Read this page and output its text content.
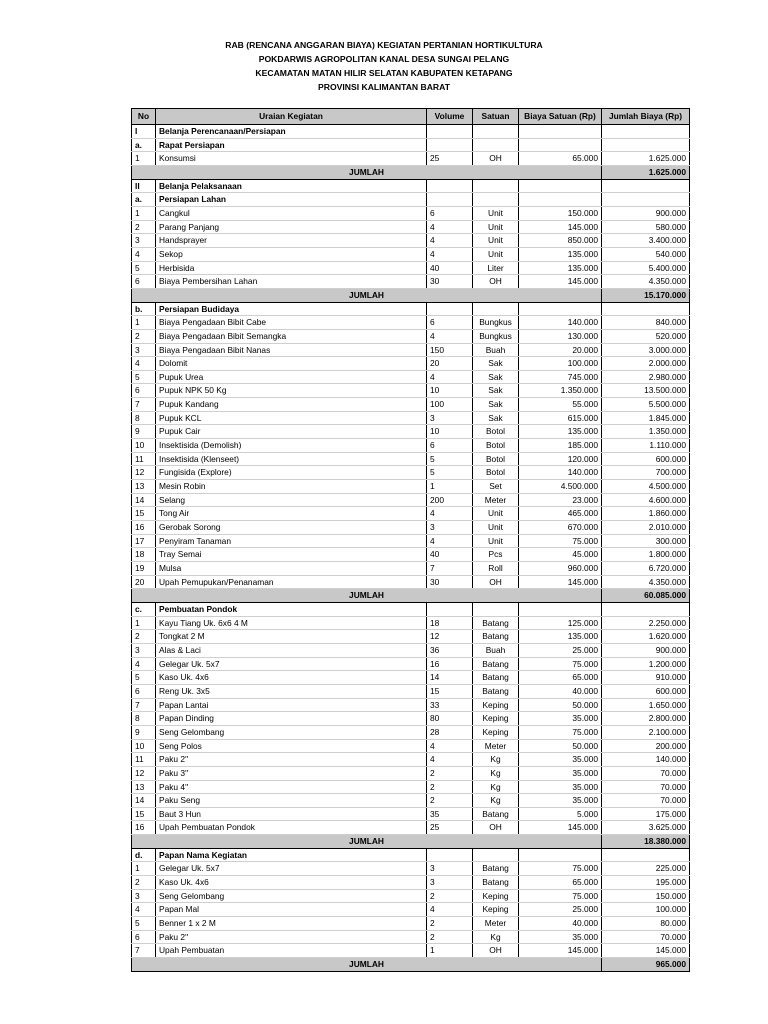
RAB (RENCANA ANGGARAN BIAYA) KEGIATAN PERTANIAN HORTIKULTURA
POKDARWIS AGROPOLITAN KANAL DESA SUNGAI PELANG
KECAMATAN MATAN HILIR SELATAN KABUPATEN KETAPANG
PROVINSI KALIMANTAN BARAT
No	Uraian Kegiatan	Volume	Satuan	Biaya Satuan (Rp)	Jumlah Biaya (Rp)
I	Belanja Perencanaan/Persiapan				
a.	Rapat Persiapan				
1	Konsumsi	25	OH	65.000	1.625.000
JUMLAH					1.625.000
II	Belanja Pelaksanaan				
a.	Persiapan Lahan				
1	Cangkul	6	Unit	150.000	900.000
2	Parang Panjang	4	Unit	145.000	580.000
3	Handsprayer	4	Unit	850.000	3.400.000
4	Sekop	4	Unit	135.000	540.000
5	Herbisida	40	Liter	135.000	5.400.000
6	Biaya Pembersihan Lahan	30	OH	145.000	4.350.000
JUMLAH					15.170.000
b.	Persiapan Budidaya				
1	Biaya Pengadaan Bibit Cabe	6	Bungkus	140.000	840.000
2	Biaya Pengadaan Bibit Semangka	4	Bungkus	130.000	520.000
3	Biaya Pengadaan Bibit Nanas	150	Buah	20.000	3.000.000
4	Dolomit	20	Sak	100.000	2.000.000
5	Pupuk Urea	4	Sak	745.000	2.980.000
6	Pupuk NPK 50 Kg	10	Sak	1.350.000	13.500.000
7	Pupuk Kandang	100	Sak	55.000	5.500.000
8	Pupuk KCL	3	Sak	615.000	1.845.000
9	Pupuk Cair	10	Botol	135.000	1.350.000
10	Insektisida (Demolish)	6	Botol	185.000	1.110.000
11	Insektisida (Klenseet)	5	Botol	120.000	600.000
12	Fungisida (Explore)	5	Botol	140.000	700.000
13	Mesin Robin	1	Set	4.500.000	4.500.000
14	Selang	200	Meter	23.000	4.600.000
15	Tong Air	4	Unit	465.000	1.860.000
16	Gerobak Sorong	3	Unit	670.000	2.010.000
17	Penyiram Tanaman	4	Unit	75.000	300.000
18	Tray Semai	40	Pcs	45.000	1.800.000
19	Mulsa	7	Roll	960.000	6.720.000
20	Upah Pemupukan/Penanaman	30	OH	145.000	4.350.000
JUMLAH					60.085.000
c.	Pembuatan Pondok				
1	Kayu Tiang Uk. 6x6 4 M	18	Batang	125.000	2.250.000
2	Tongkat 2 M	12	Batang	135.000	1.620.000
3	Alas & Laci	36	Buah	25.000	900.000
4	Gelegar Uk. 5x7	16	Batang	75.000	1.200.000
5	Kaso Uk. 4x6	14	Batang	65.000	910.000
6	Reng Uk. 3x5	15	Batang	40.000	600.000
7	Papan Lantai	33	Keping	50.000	1.650.000
8	Papan Dinding	80	Keping	35.000	2.800.000
9	Seng Gelombang	28	Keping	75.000	2.100.000
10	Seng Polos	4	Meter	50.000	200.000
11	Paku 2"	4	Kg	35.000	140.000
12	Paku 3"	2	Kg	35.000	70.000
13	Paku 4"	2	Kg	35.000	70.000
14	Paku Seng	2	Kg	35.000	70.000
15	Baut 3 Hun	35	Batang	5.000	175.000
16	Upah Pembuatan Pondok	25	OH	145.000	3.625.000
JUMLAH					18.380.000
d.	Papan Nama Kegiatan				
1	Gelegar Uk. 5x7	3	Batang	75.000	225.000
2	Kaso Uk. 4x6	3	Batang	65.000	195.000
3	Seng Gelombang	2	Keping	75.000	150.000
4	Papan Mal	4	Keping	25.000	100.000
5	Benner 1 x 2 M	2	Meter	40.000	80.000
6	Paku 2"	2	Kg	35.000	70.000
7	Upah Pembuatan	1	OH	145.000	145.000
JUMLAH					965.000
